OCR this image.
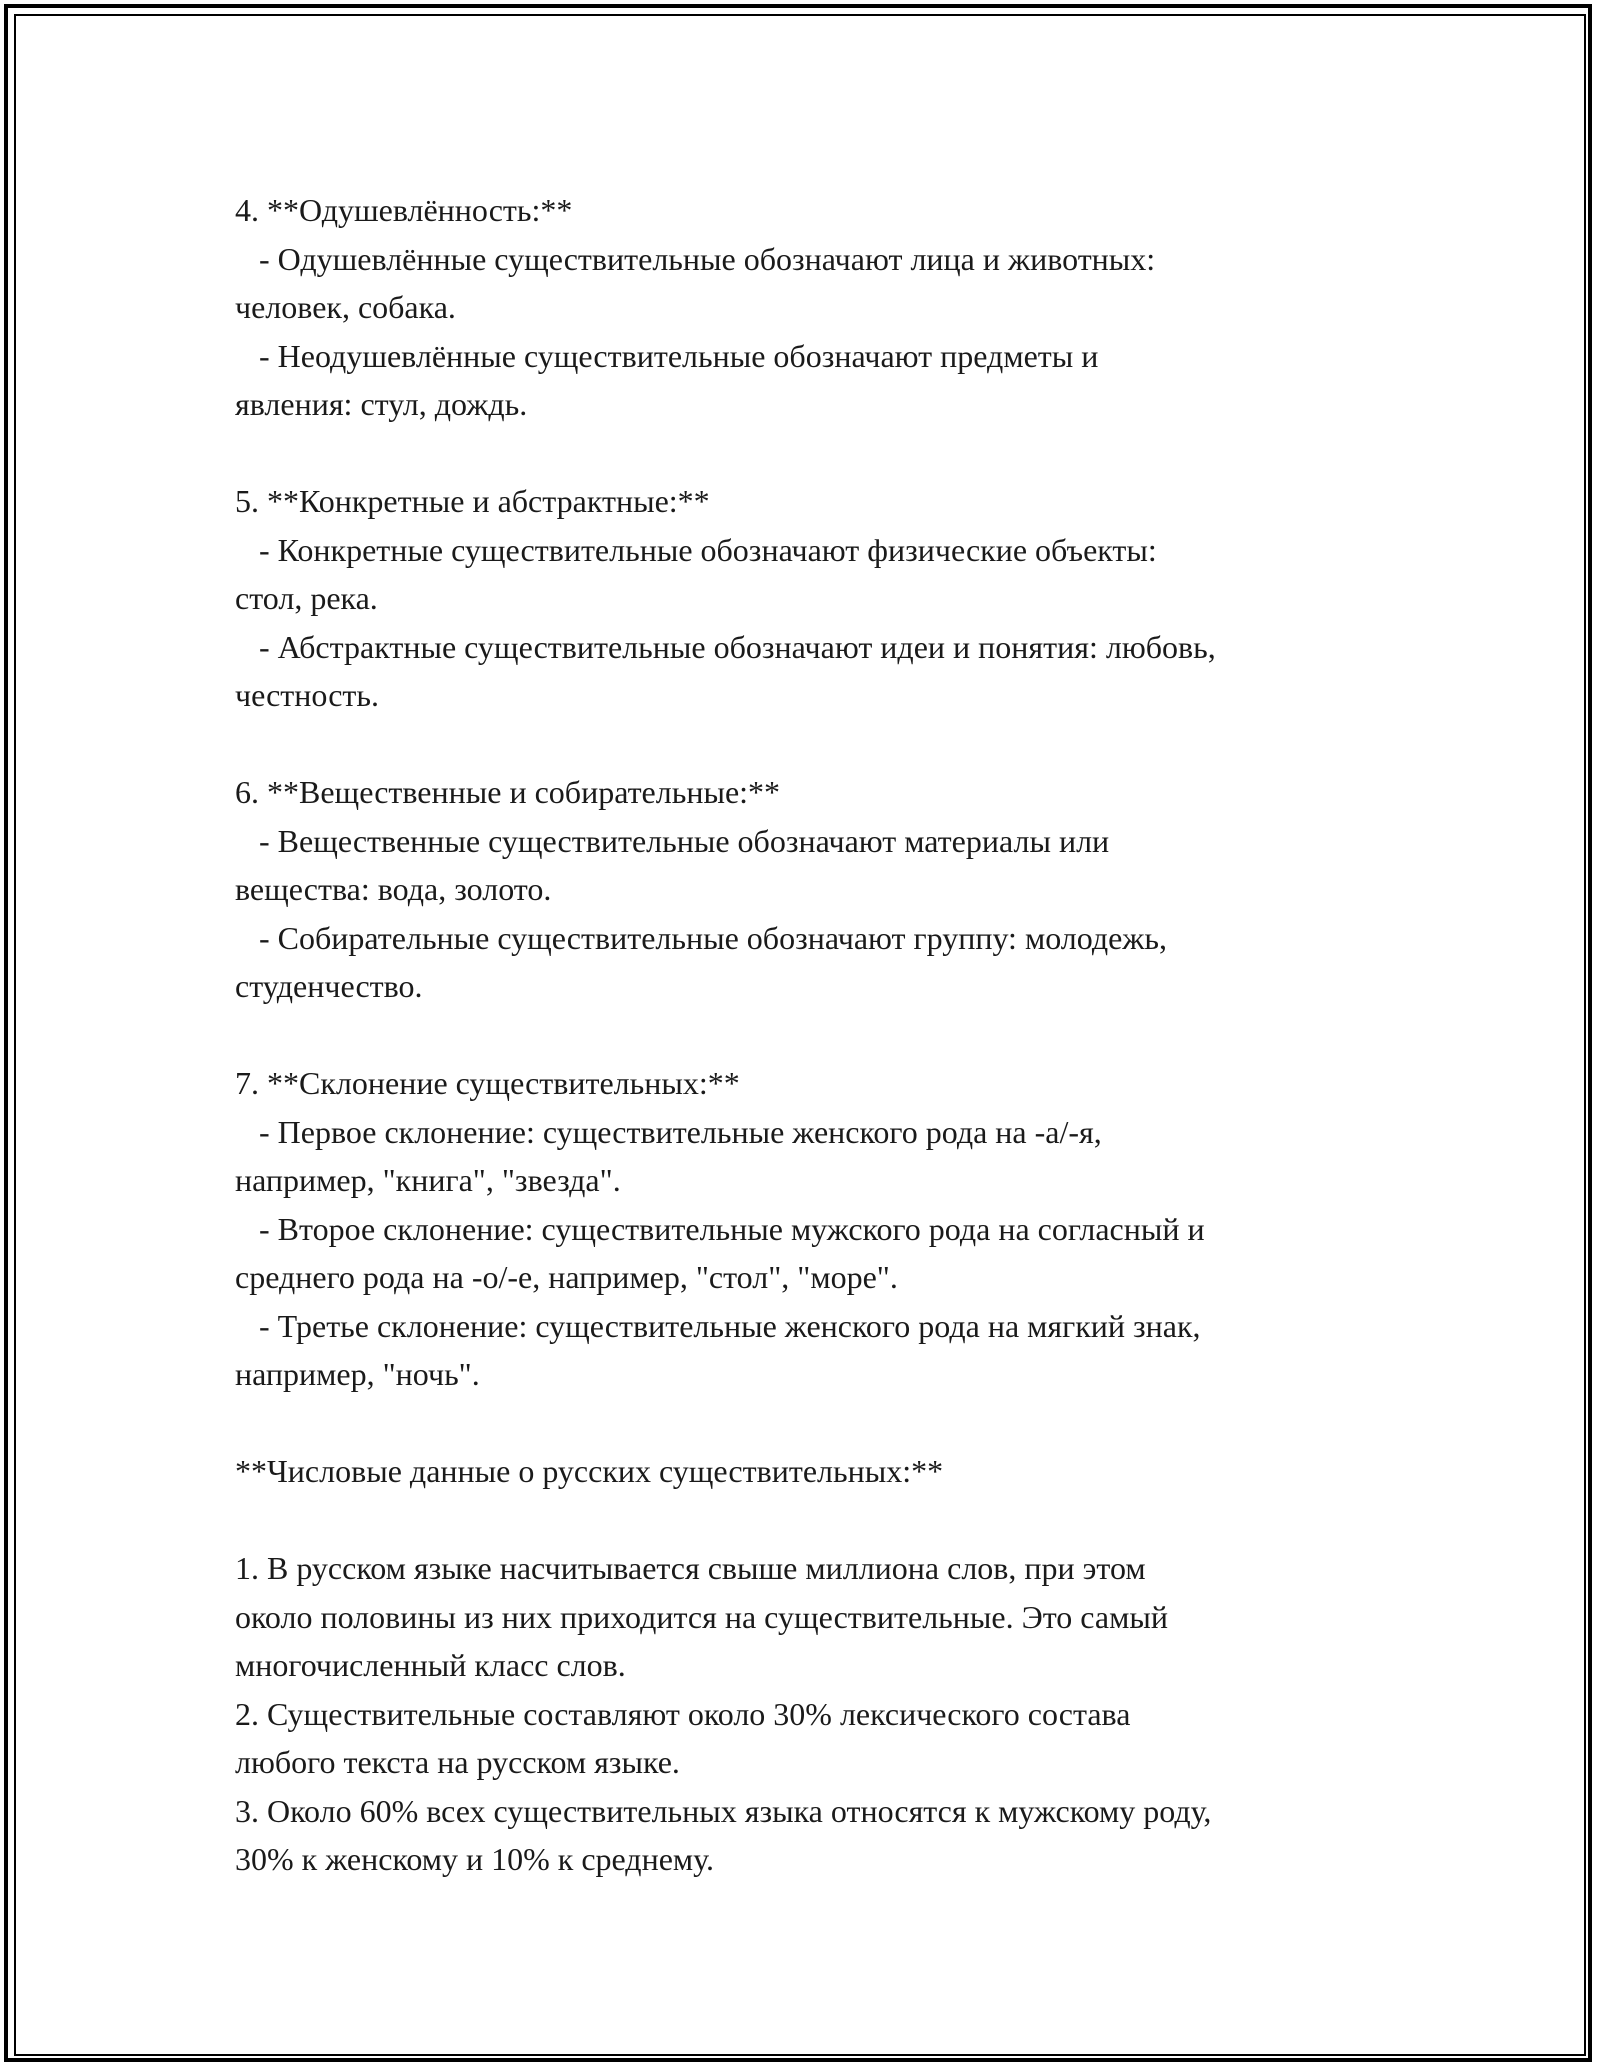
4. **Одушевлённость:**

- Одушевлённые существительные обозначают лица и животных:

человек, собака.

- Неодушевлённые существительные обозначают предметы и

явления: стул, дождь.

5. **Конкретные и абстрактные:**

- Конкретные существительные обозначают физические объекты:

стол, река.

- Абстрактные существительные обозначают идеи и понятия: любовь,

честность.

6. **Вещественные и собирательные:**

- Вещественные существительные обозначают материалы или

вещества: вода, золото.

- Собирательные существительные обозначают группу: молодежь,

студенчество.

7. **Склонение существительных:**

- Первое склонение: существительные женского рода на -а/-я,

например, "книга", "звезда".

- Второе склонение: существительные мужского рода на согласный и

среднего рода на -о/-е, например, "стол", "море".

- Третье склонение: существительные женского рода на мягкий знак,

например, "ночь".

**Числовые данные о русских существительных:**

1. В русском языке насчитывается свыше миллиона слов, при этом

около половины из них приходится на существительные. Это самый

многочисленный класс слов.

2. Существительные составляют около 30% лексического состава

любого текста на русском языке.

3. Около 60% всех существительных языка относятся к мужскому роду,

30% к женскому и 10% к среднему.
